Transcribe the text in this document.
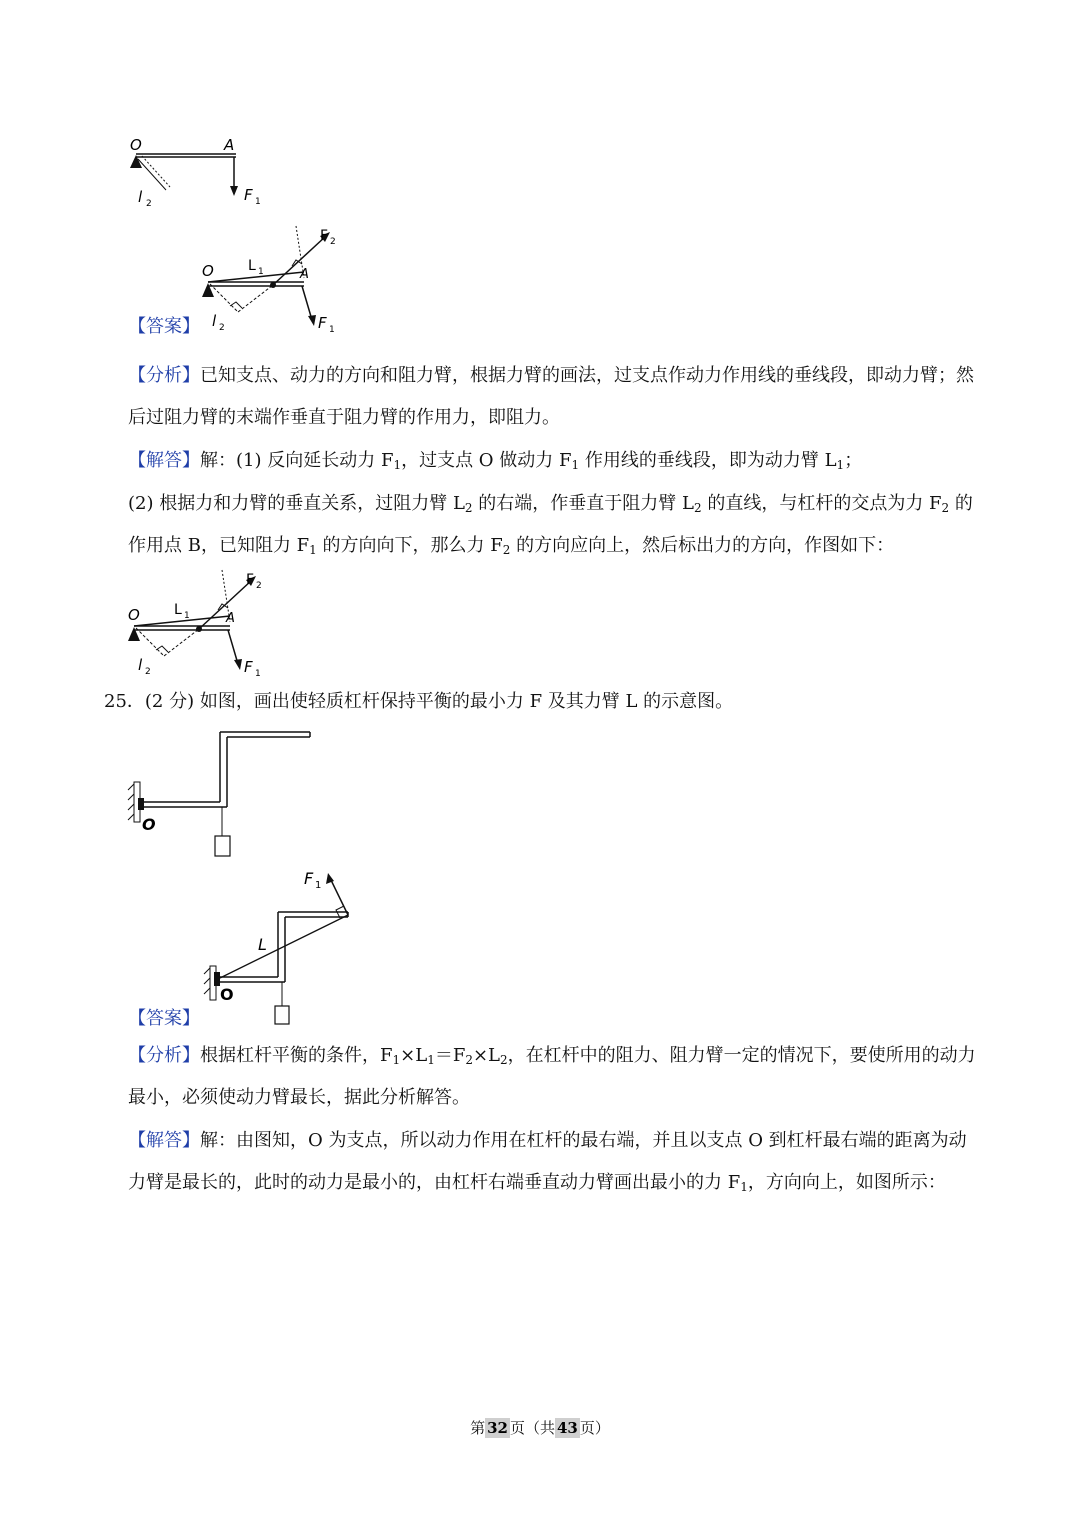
O	A
l 2	F 1
O	A
L 1
F 2
l 2	F 1
【答案】
【分析】已知支点、动力的方向和阻力臂，根据力臂的画法，过支点作动力作用线的垂线段，即动力臂；然后过阻力臂的末端作垂直于阻力臂的作用力，即阻力。
【解答】解：(1) 反向延长动力 $F_1$，过支点 O 做动力 $F_1$ 作用线的垂线段，即为动力臂 $L_1$；
(2) 根据力和力臂的垂直关系，过阻力臂 $L_2$ 的右端，作垂直于阻力臂 $L_2$ 的直线，与杠杆的交点为力 $F_2$ 的作用点 B，已知阻力 $F_1$ 的方向向下，那么力 $F_2$ 的方向应向上，然后标出力的方向，作图如下：
O	A
L 1
F 2
l 2	F 1
25．(2 分) 如图，画出使轻质杠杆保持平衡的最小力 F 及其力臂 L 的示意图。
O
F 1
L
O
【答案】
【分析】根据杠杆平衡的条件，$F_1\times L_1=F_2\times L_2$，在杠杆中的阻力、阻力臂一定的情况下，要使所用的动力最小，必须使动力臂最长，据此分析解答。
【解答】解：由图知，O 为支点，所以动力作用在杠杆的最右端，并且以支点 O 到杠杆最右端的距离为动力臂是最长的，此时的动力是最小的，由杠杆右端垂直动力臂画出最小的力 $F_1$，方向向上，如图所示：
第 32 页（共 43 页）
